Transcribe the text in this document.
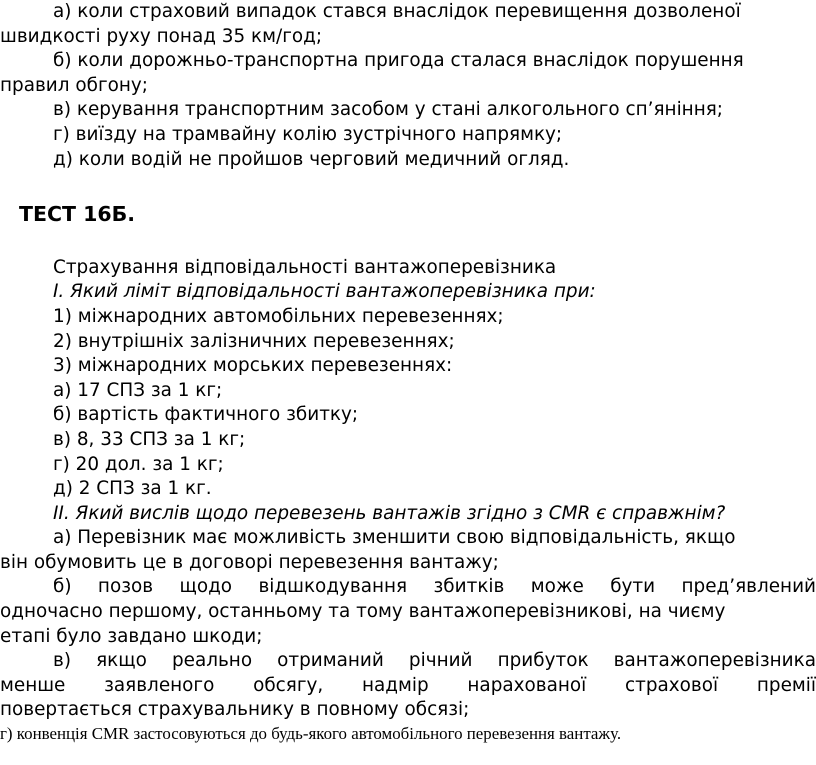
а) коли страховий випадок стався внаслідок перевищення дозволеної

швидкості руху понад 35 км/год;

б) коли дорожньо-транспортна пригода сталася внаслідок порушення

правил обгону;

в) керування транспортним засобом у стані алкогольного сп’яніння;

г) виїзду на трамвайну колію зустрічного напрямку;

д) коли водій не пройшов черговий медичний огляд.

ТЕСТ 16Б.

Страхування відповідальності вантажоперевізника

I. Який ліміт відповідальності вантажоперевізника при:

1) міжнародних автомобільних перевезеннях;

2) внутрішніх залізничних перевезеннях;

3) міжнародних морських перевезеннях:

а) 17 СПЗ за 1 кг;

б) вартість фактичного збитку;

в) 8, 33 СПЗ за 1 кг;

г) 20 дол. за 1 кг;

д) 2 СПЗ за 1 кг.

II. Який вислів щодо перевезень вантажів згідно з CMR є справжнім?

а) Перевізник має можливість зменшити свою відповідальність, якщо

він обумовить це в договорі перевезення вантажу;

б) позов щодо відшкодування збитків може бути пред’явлений

одночасно першому, останньому та тому вантажоперевізникові, на чиєму

етапі було завдано шкоди;

в) якщо реально отриманий річний прибуток вантажоперевізника

менше заявленого обсягу, надмір нарахованої страхової премії

повертається страхувальнику в повному обсязі;

г) конвенція CMR застосовуються до будь-якого автомобільного перевезення вантажу.
